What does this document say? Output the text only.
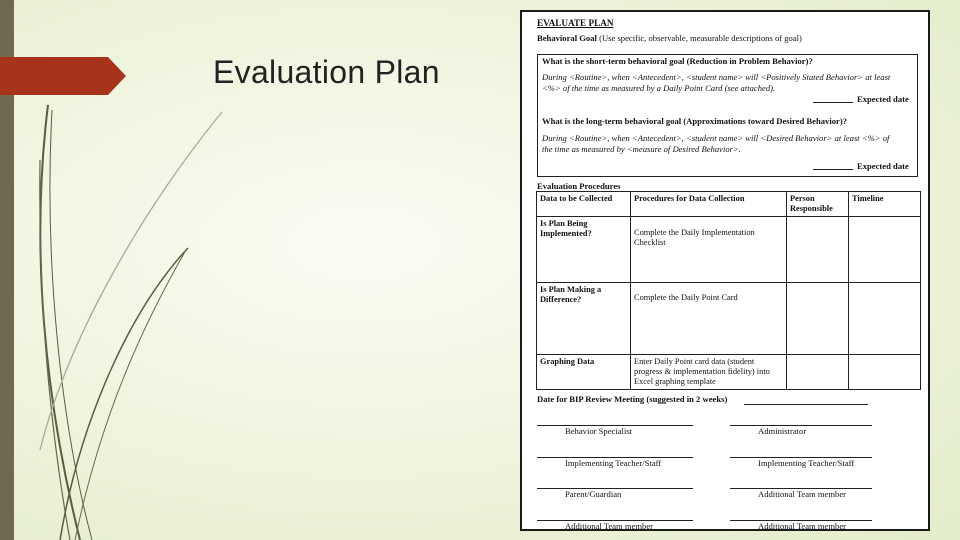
Evaluation Plan
EVALUATE PLAN
Behavioral Goal (Use specific, observable, measurable descriptions of goal)
What is the short-term behavioral goal (Reduction in Problem Behavior)?
During <Routine>, when <Antecedent>, <student name> will <Positively Stated Behavior> at least
<%> of the time as measured by a Daily Point Card (see attached).
Expected date
What is the long-term behavioral goal (Approximations toward Desired Behavior)?
During <Routine>, when <Antecedent>, <student name> will <Desired Behavior> at least <%> of
the time as measured by <measure of Desired Behavior>.
Expected date
Evaluation Procedures
Data to be Collected	Procedures for Data Collection	Person Responsible	Timeline
Is Plan Being Implemented?	Complete the Daily Implementation Checklist		
Is Plan Making a Difference?	Complete the Daily Point Card		
Graphing Data	Enter Daily Point card data (student progress & implementation fidelity) into Excel graphing template		
Date for BIP Review Meeting (suggested in 2 weeks)
Behavior Specialist
Implementing Teacher/Staff
Parent/Guardian
Additional Team member
Administrator
Implementing Teacher/Staff
Additional Team member
Additional Team member
